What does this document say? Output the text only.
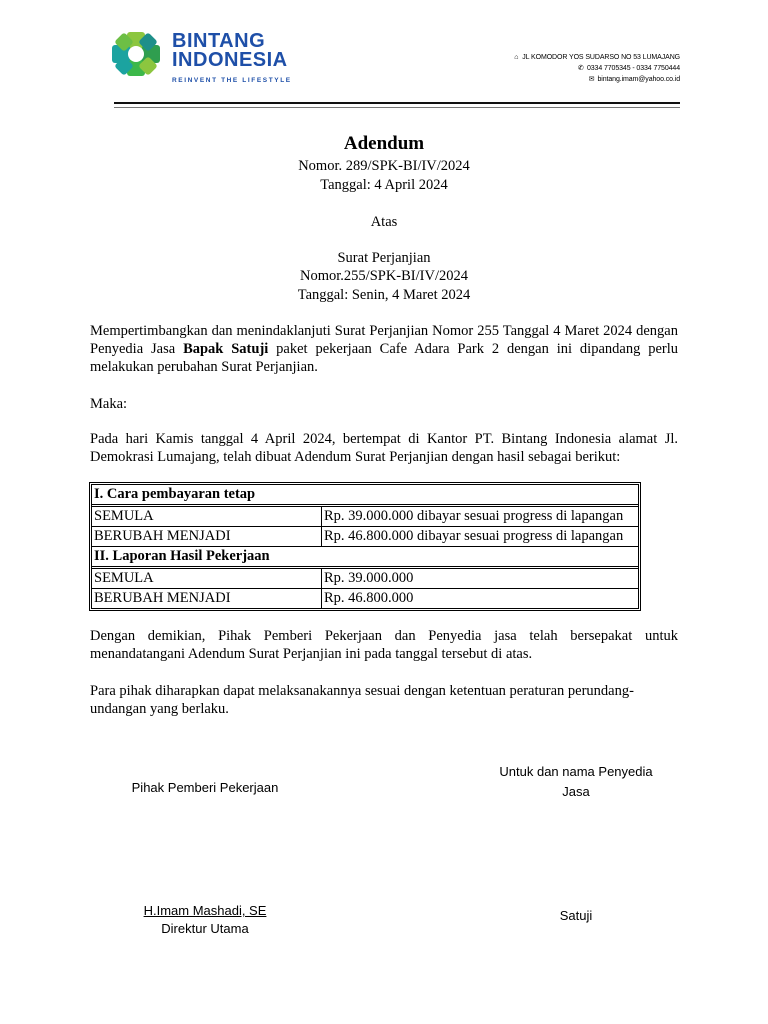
BINTANG
INDONESIA
REINVENT THE LIFESTYLE
⌂ JL KOMODOR YOS SUDARSO NO 53 LUMAJANG
✆ 0334 7705345 - 0334 7750444
✉ bintang.imam@yahoo.co.id
Adendum
Nomor. 289/SPK-BI/IV/2024
Tanggal: 4 April 2024
Atas
Surat Perjanjian
Nomor.255/SPK-BI/IV/2024
Tanggal: Senin, 4 Maret 2024
Mempertimbangkan dan menindaklanjuti Surat Perjanjian Nomor 255 Tanggal 4 Maret 2024 dengan Penyedia Jasa Bapak Satuji paket pekerjaan Cafe Adara Park 2 dengan ini dipandang perlu melakukan perubahan Surat Perjanjian.
Maka:
Pada hari Kamis tanggal 4 April 2024, bertempat di Kantor PT. Bintang Indonesia alamat Jl. Demokrasi Lumajang, telah dibuat Adendum Surat Perjanjian dengan hasil sebagai berikut:
I. Cara pembayaran tetap	
SEMULA	Rp. 39.000.000 dibayar sesuai progress di lapangan
BERUBAH MENJADI	Rp. 46.800.000 dibayar sesuai progress di lapangan
II. Laporan Hasil Pekerjaan	
SEMULA	Rp. 39.000.000
BERUBAH MENJADI	Rp. 46.800.000
Dengan demikian, Pihak Pemberi Pekerjaan dan Penyedia jasa telah bersepakat untuk menandatangani Adendum Surat Perjanjian ini pada tanggal tersebut di atas.
Para pihak diharapkan dapat melaksanakannya sesuai dengan ketentuan peraturan perundang-undangan yang berlaku.
Pihak Pemberi Pekerjaan
Untuk dan nama Penyedia
Jasa
H.Imam Mashadi, SE
Direktur Utama
Satuji
